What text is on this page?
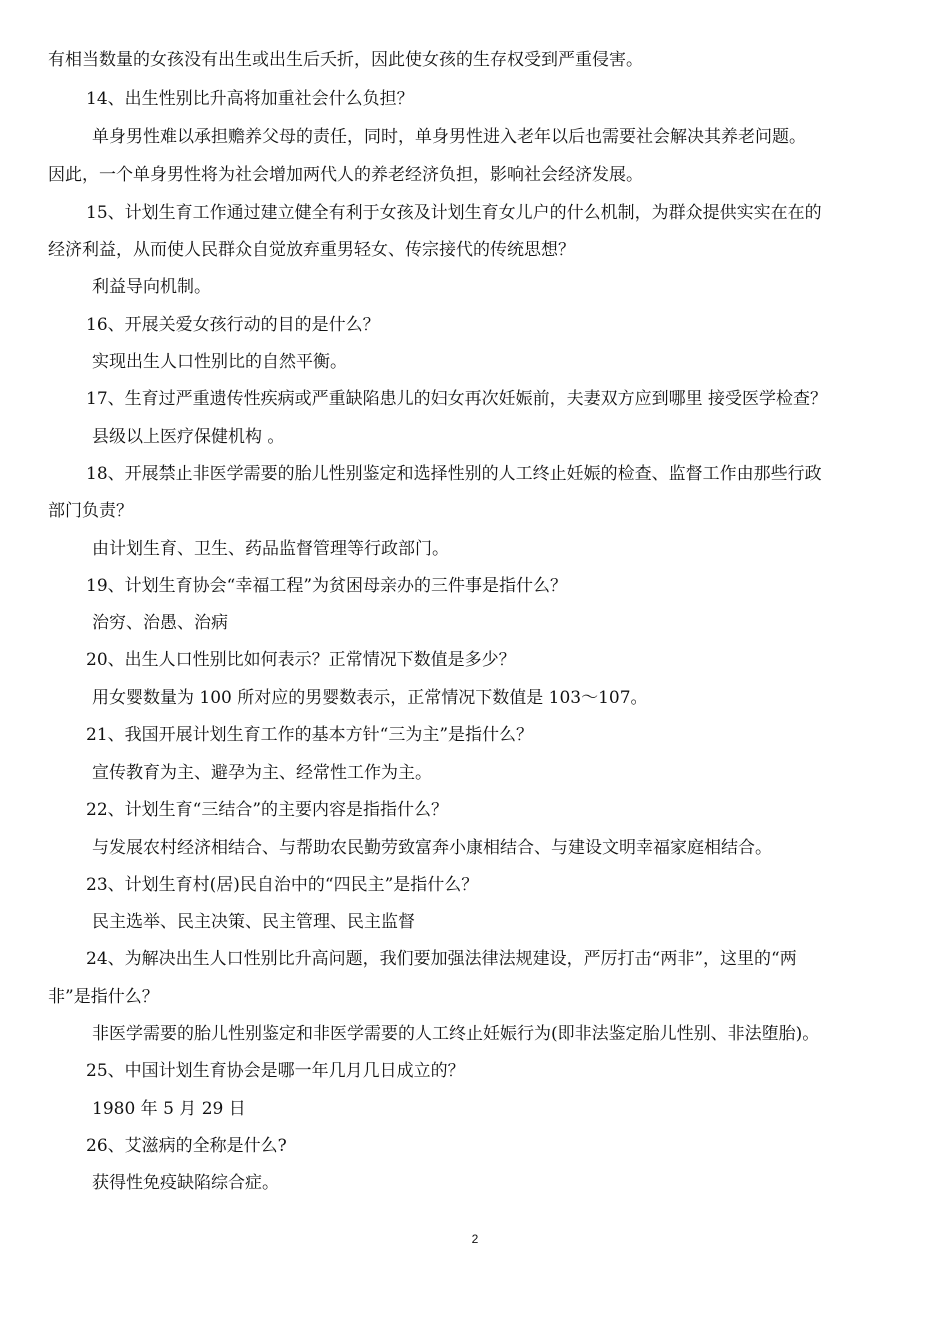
有相当数量的女孩没有出生或出生后夭折，因此使女孩的生存权受到严重侵害。
14、出生性别比升高将加重社会什么负担？
单身男性难以承担赡养父母的责任，同时，单身男性进入老年以后也需要社会解决其养老问题。
因此，一个单身男性将为社会增加两代人的养老经济负担，影响社会经济发展。
15、计划生育工作通过建立健全有利于女孩及计划生育女儿户的什么机制，为群众提供实实在在的
经济利益，从而使人民群众自觉放弃重男轻女、传宗接代的传统思想？
利益导向机制。
16、开展关爱女孩行动的目的是什么？
实现出生人口性别比的自然平衡。
17、生育过严重遗传性疾病或严重缺陷患儿的妇女再次妊娠前，夫妻双方应到哪里 接受医学检查？
县级以上医疗保健机构 。
18、开展禁止非医学需要的胎儿性别鉴定和选择性别的人工终止妊娠的检查、监督工作由那些行政
部门负责？
由计划生育、卫生、药品监督管理等行政部门。
19、计划生育协会“幸福工程”为贫困母亲办的三件事是指什么？
治穷、治愚、治病
20、出生人口性别比如何表示？正常情况下数值是多少？
用女婴数量为 100 所对应的男婴数表示，正常情况下数值是 103～107。
21、我国开展计划生育工作的基本方针“三为主”是指什么？
宣传教育为主、避孕为主、经常性工作为主。
22、计划生育“三结合”的主要内容是指指什么？
与发展农村经济相结合、与帮助农民勤劳致富奔小康相结合、与建设文明幸福家庭相结合。
23、计划生育村(居)民自治中的“四民主”是指什么？
民主选举、民主决策、民主管理、民主监督
24、为解决出生人口性别比升高问题，我们要加强法律法规建设，严厉打击“两非”，这里的“两
非”是指什么？
非医学需要的胎儿性别鉴定和非医学需要的人工终止妊娠行为(即非法鉴定胎儿性别、非法堕胎)。
25、中国计划生育协会是哪一年几月几日成立的？
1980 年 5 月 29 日
26、艾滋病的全称是什么?
获得性免疫缺陷综合症。
2
